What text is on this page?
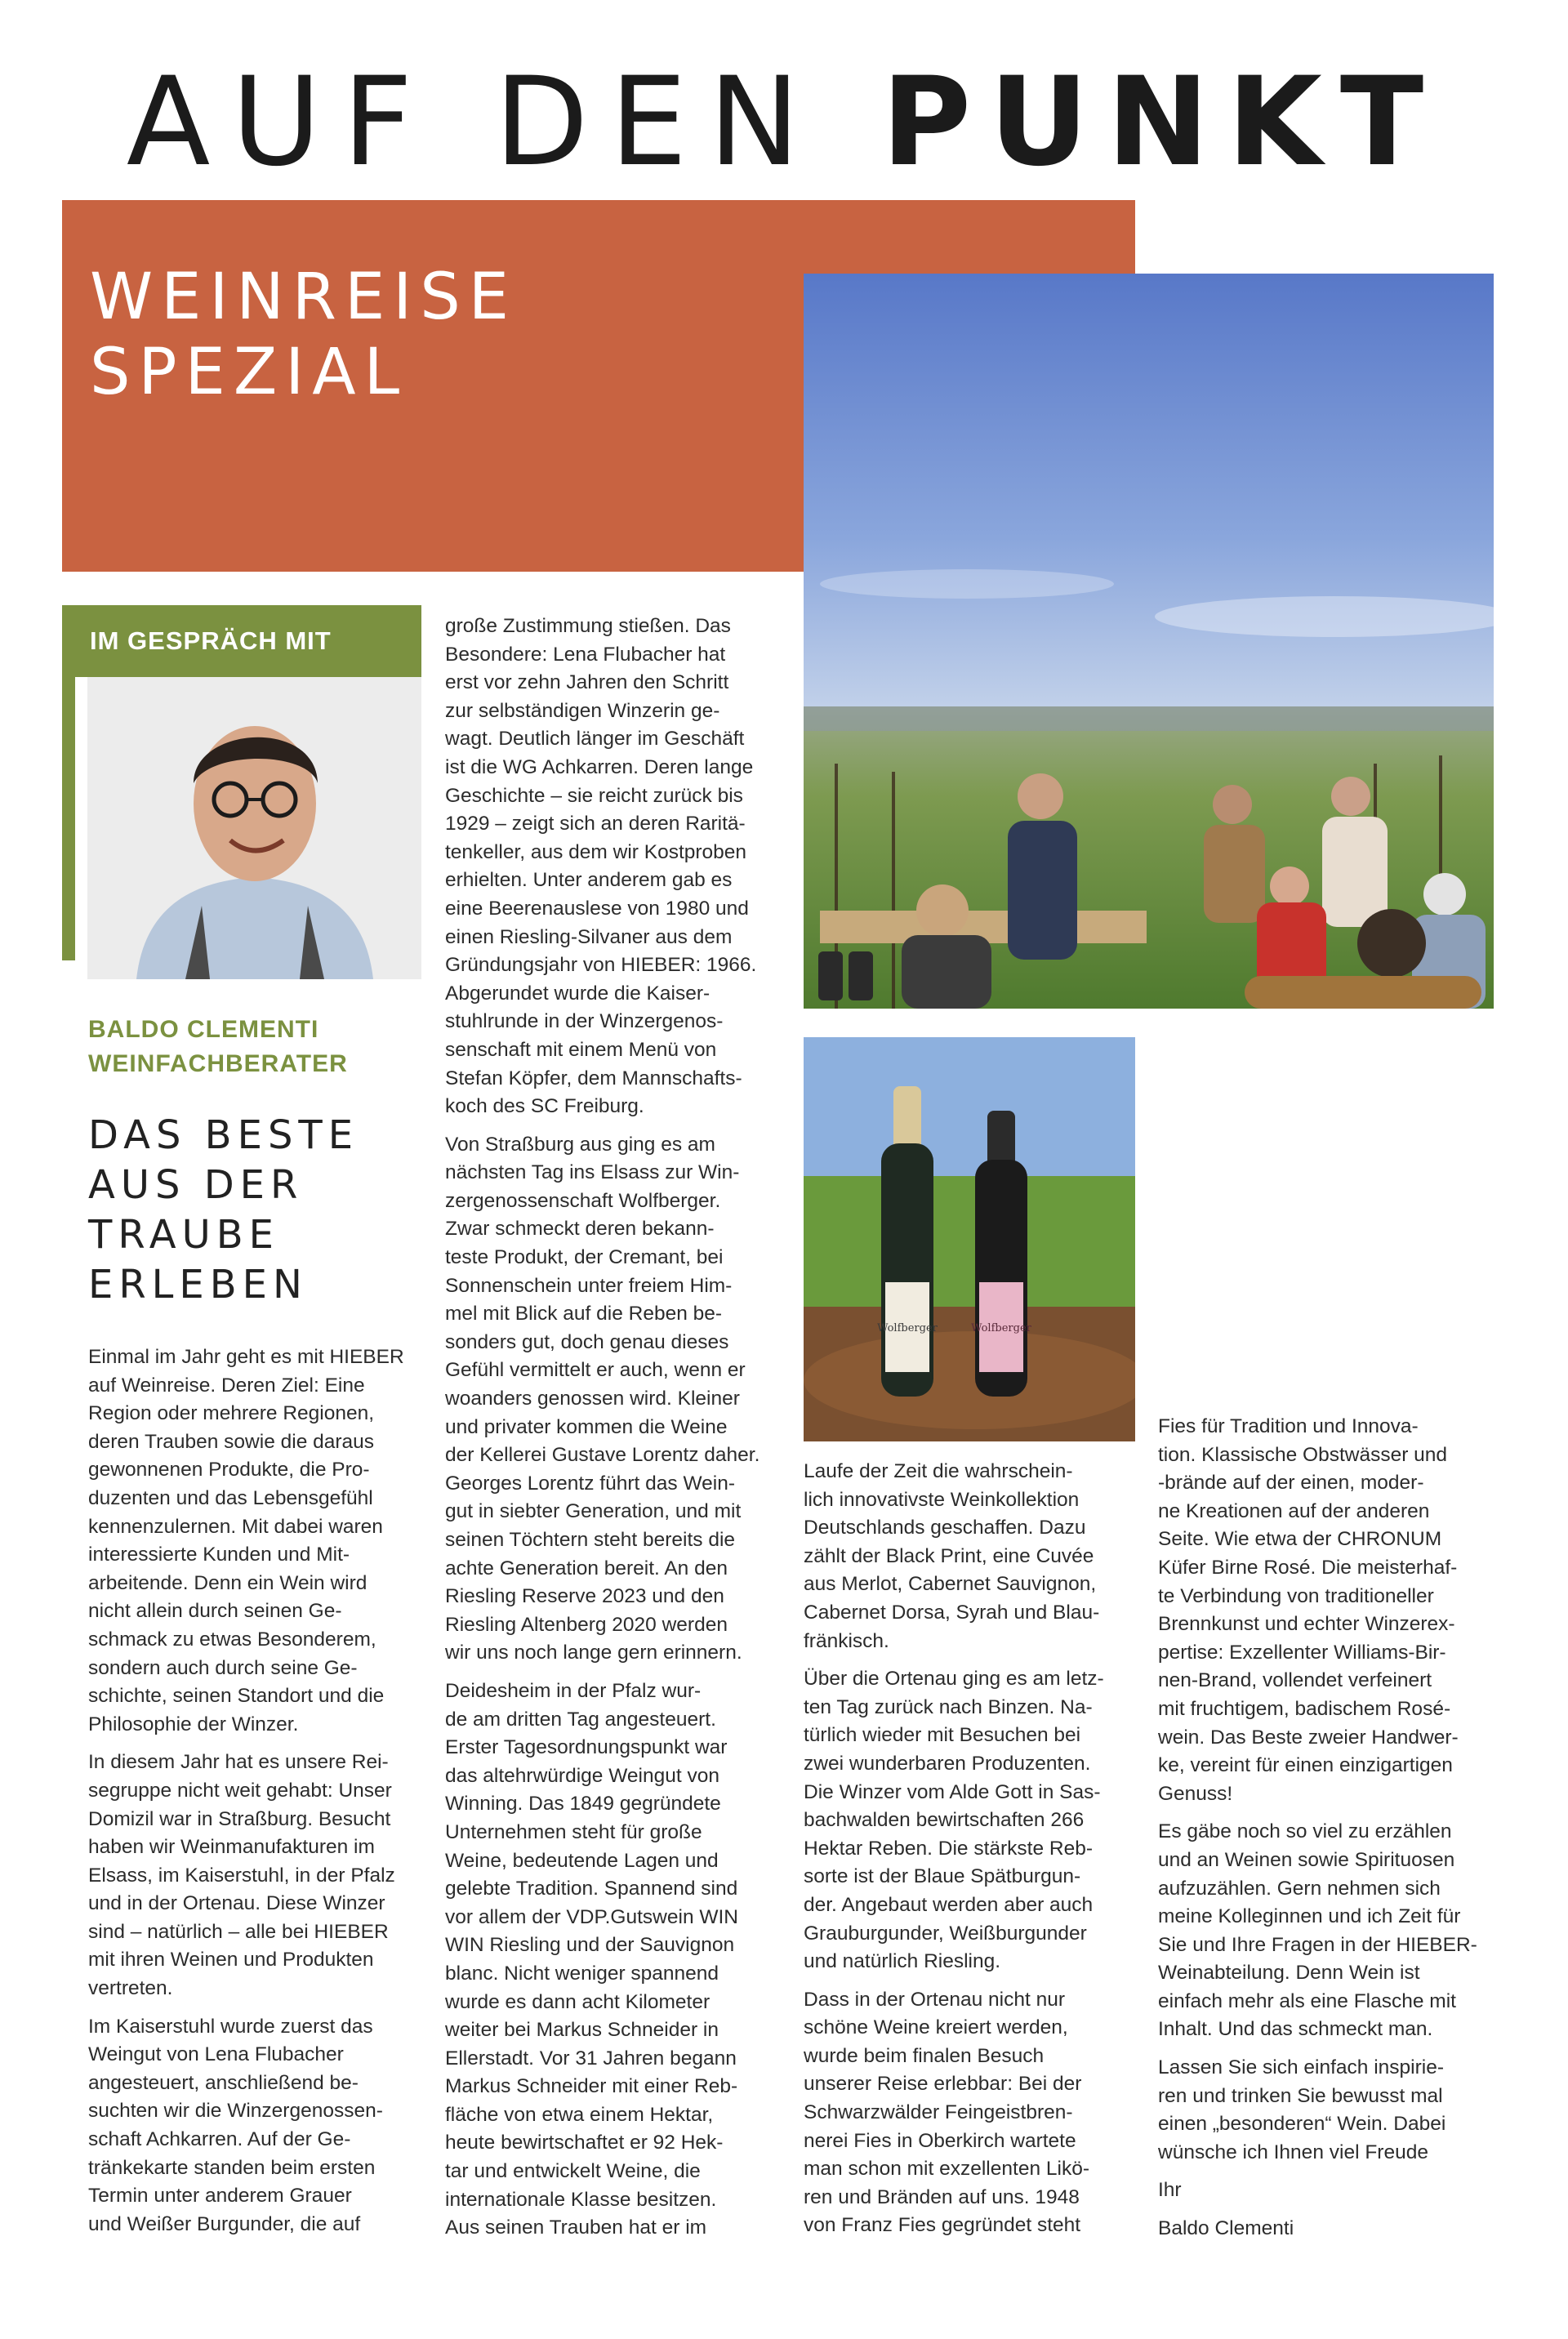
AUF DEN PUNKT
WEINREISE
SPEZIAL
Wolfberger	Wolfberger
IM GESPRÄCH MIT
BALDO CLEMENTI
WEINFACHBERATER
DAS BESTE
AUS DER
TRAUBE
ERLEBEN

Einmal im Jahr geht es mit HIEBER
auf Weinreise. Deren Ziel: Eine
Region oder mehrere Regionen,
deren Trauben sowie die daraus
gewonnenen Produkte, die Pro-
duzenten und das Lebensgefühl
kennenzulernen. Mit dabei waren
interessierte Kunden und Mit-
arbeitende. Denn ein Wein wird
nicht allein durch seinen Ge-
schmack zu etwas Besonderem,
sondern auch durch seine Ge-
schichte, seinen Standort und die
Philosophie der Winzer.

In diesem Jahr hat es unsere Rei-
segruppe nicht weit gehabt: Unser
Domizil war in Straßburg. Besucht
haben wir Weinmanufakturen im
Elsass, im Kaiserstuhl, in der Pfalz
und in der Ortenau. Diese Winzer
sind – natürlich – alle bei HIEBER
mit ihren Weinen und Produkten
vertreten.

Im Kaiserstuhl wurde zuerst das
Weingut von Lena Flubacher
angesteuert, anschließend be-
suchten wir die Winzergenossen-
schaft Achkarren. Auf der Ge-
tränkekarte standen beim ersten
Termin unter anderem Grauer
und Weißer Burgunder, die auf

große Zustimmung stießen. Das
Besondere: Lena Flubacher hat
erst vor zehn Jahren den Schritt
zur selbständigen Winzerin ge-
wagt. Deutlich länger im Geschäft
ist die WG Achkarren. Deren lange
Geschichte – sie reicht zurück bis
1929 – zeigt sich an deren Raritä-
tenkeller, aus dem wir Kostproben
erhielten. Unter anderem gab es
eine Beerenauslese von 1980 und
einen Riesling-Silvaner aus dem
Gründungsjahr von HIEBER: 1966.
Abgerundet wurde die Kaiser-
stuhlrunde in der Winzergenos-
senschaft mit einem Menü von
Stefan Köpfer, dem Mannschafts-
koch des SC Freiburg.

Von Straßburg aus ging es am
nächsten Tag ins Elsass zur Win-
zergenossenschaft Wolfberger.
Zwar schmeckt deren bekann-
teste Produkt, der Cremant, bei
Sonnenschein unter freiem Him-
mel mit Blick auf die Reben be-
sonders gut, doch genau dieses
Gefühl vermittelt er auch, wenn er
woanders genossen wird. Kleiner
und privater kommen die Weine
der Kellerei Gustave Lorentz daher.
Georges Lorentz führt das Wein-
gut in siebter Generation, und mit
seinen Töchtern steht bereits die
achte Generation bereit. An den
Riesling Reserve 2023 und den
Riesling Altenberg 2020 werden
wir uns noch lange gern erinnern.

Deidesheim in der Pfalz wur-
de am dritten Tag angesteuert.
Erster Tagesordnungspunkt war
das altehrwürdige Weingut von
Winning. Das 1849 gegründete
Unternehmen steht für große
Weine, bedeutende Lagen und
gelebte Tradition. Spannend sind
vor allem der VDP.Gutswein WIN
WIN Riesling und der Sauvignon
blanc. Nicht weniger spannend
wurde es dann acht Kilometer
weiter bei Markus Schneider in
Ellerstadt. Vor 31 Jahren begann
Markus Schneider mit einer Reb-
fläche von etwa einem Hektar,
heute bewirtschaftet er 92 Hek-
tar und entwickelt Weine, die
internationale Klasse besitzen.
Aus seinen Trauben hat er im

Laufe der Zeit die wahrschein-
lich innovativste Weinkollektion
Deutschlands geschaffen. Dazu
zählt der Black Print, eine Cuvée
aus Merlot, Cabernet Sauvignon,
Cabernet Dorsa, Syrah und Blau-
fränkisch.

Über die Ortenau ging es am letz-
ten Tag zurück nach Binzen. Na-
türlich wieder mit Besuchen bei
zwei wunderbaren Produzenten.
Die Winzer vom Alde Gott in Sas-
bachwalden bewirtschaften 266
Hektar Reben. Die stärkste Reb-
sorte ist der Blaue Spätburgun-
der. Angebaut werden aber auch
Grauburgunder, Weißburgunder
und natürlich Riesling.

Dass in der Ortenau nicht nur
schöne Weine kreiert werden,
wurde beim finalen Besuch
unserer Reise erlebbar: Bei der
Schwarzwälder Feingeistbren-
nerei Fies in Oberkirch wartete
man schon mit exzellenten Likö-
ren und Bränden auf uns. 1948
von Franz Fies gegründet steht

Fies für Tradition und Innova-
tion. Klassische Obstwässer und
-brände auf der einen, moder-
ne Kreationen auf der anderen
Seite. Wie etwa der CHRONUM
Küfer Birne Rosé. Die meisterhaf-
te Verbindung von traditioneller
Brennkunst und echter Winzerex-
pertise: Exzellenter Williams-Bir-
nen-Brand, vollendet verfeinert
mit fruchtigem, badischem Rosé-
wein. Das Beste zweier Handwer-
ke, vereint für einen einzigartigen
Genuss!

Es gäbe noch so viel zu erzählen
und an Weinen sowie Spirituosen
aufzuzählen. Gern nehmen sich
meine Kolleginnen und ich Zeit für
Sie und Ihre Fragen in der HIEBER-
Weinabteilung. Denn Wein ist
einfach mehr als eine Flasche mit
Inhalt. Und das schmeckt man.

Lassen Sie sich einfach inspirie-
ren und trinken Sie bewusst mal
einen „besonderen“ Wein. Dabei
wünsche ich Ihnen viel Freude

Ihr

Baldo Clementi
